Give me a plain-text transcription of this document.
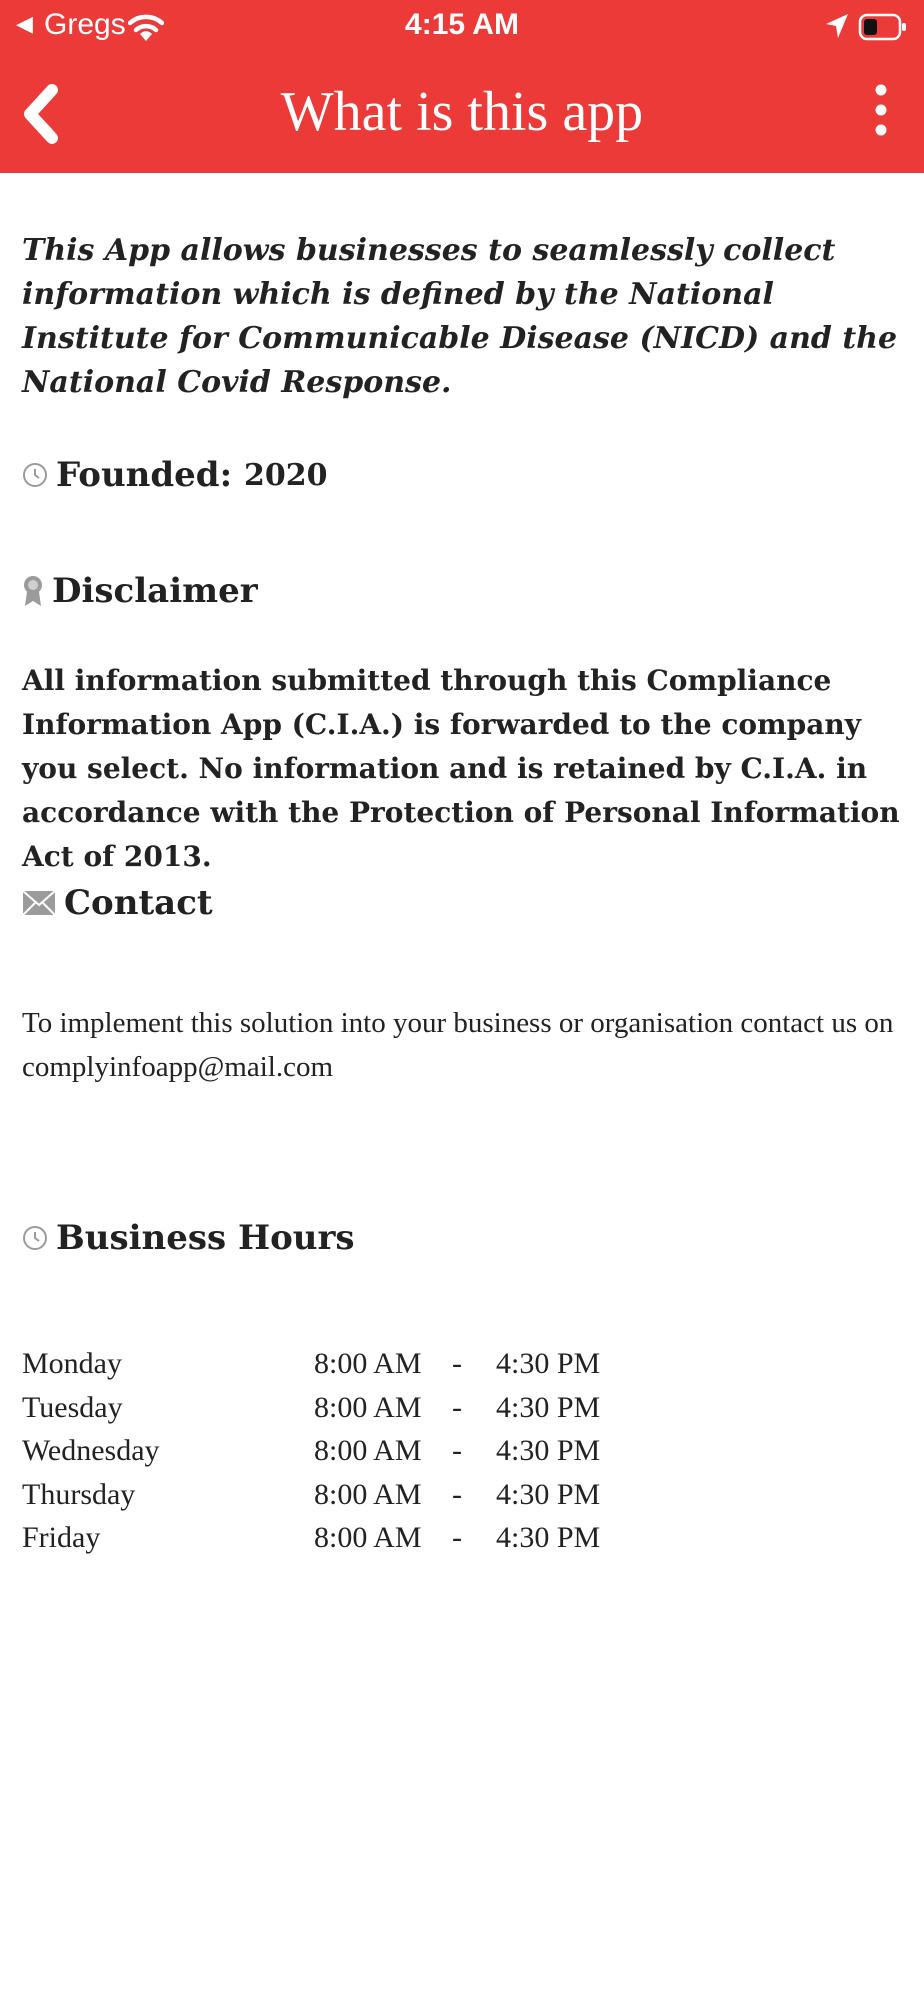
◀ Gregs	4:15 AM
What is this app

This App allows businesses to seamlessly collect information which is defined by the National Institute for Communicable Disease (NICD) and the National Covid Response.

Founded:
2020
Disclaimer

All information submitted through this Compliance Information App (C.I.A.) is forwarded to the company you select. No information and is retained by C.I.A. in accordance with the Protection of Personal Information Act of 2013.

Contact

To implement this solution into your business or organisation contact us on complyinfoapp@mail.com

Business Hours
Monday	8:00 AM - 4:30 PM
Tuesday	8:00 AM - 4:30 PM
Wednesday	8:00 AM - 4:30 PM
Thursday	8:00 AM - 4:30 PM
Friday	8:00 AM - 4:30 PM
